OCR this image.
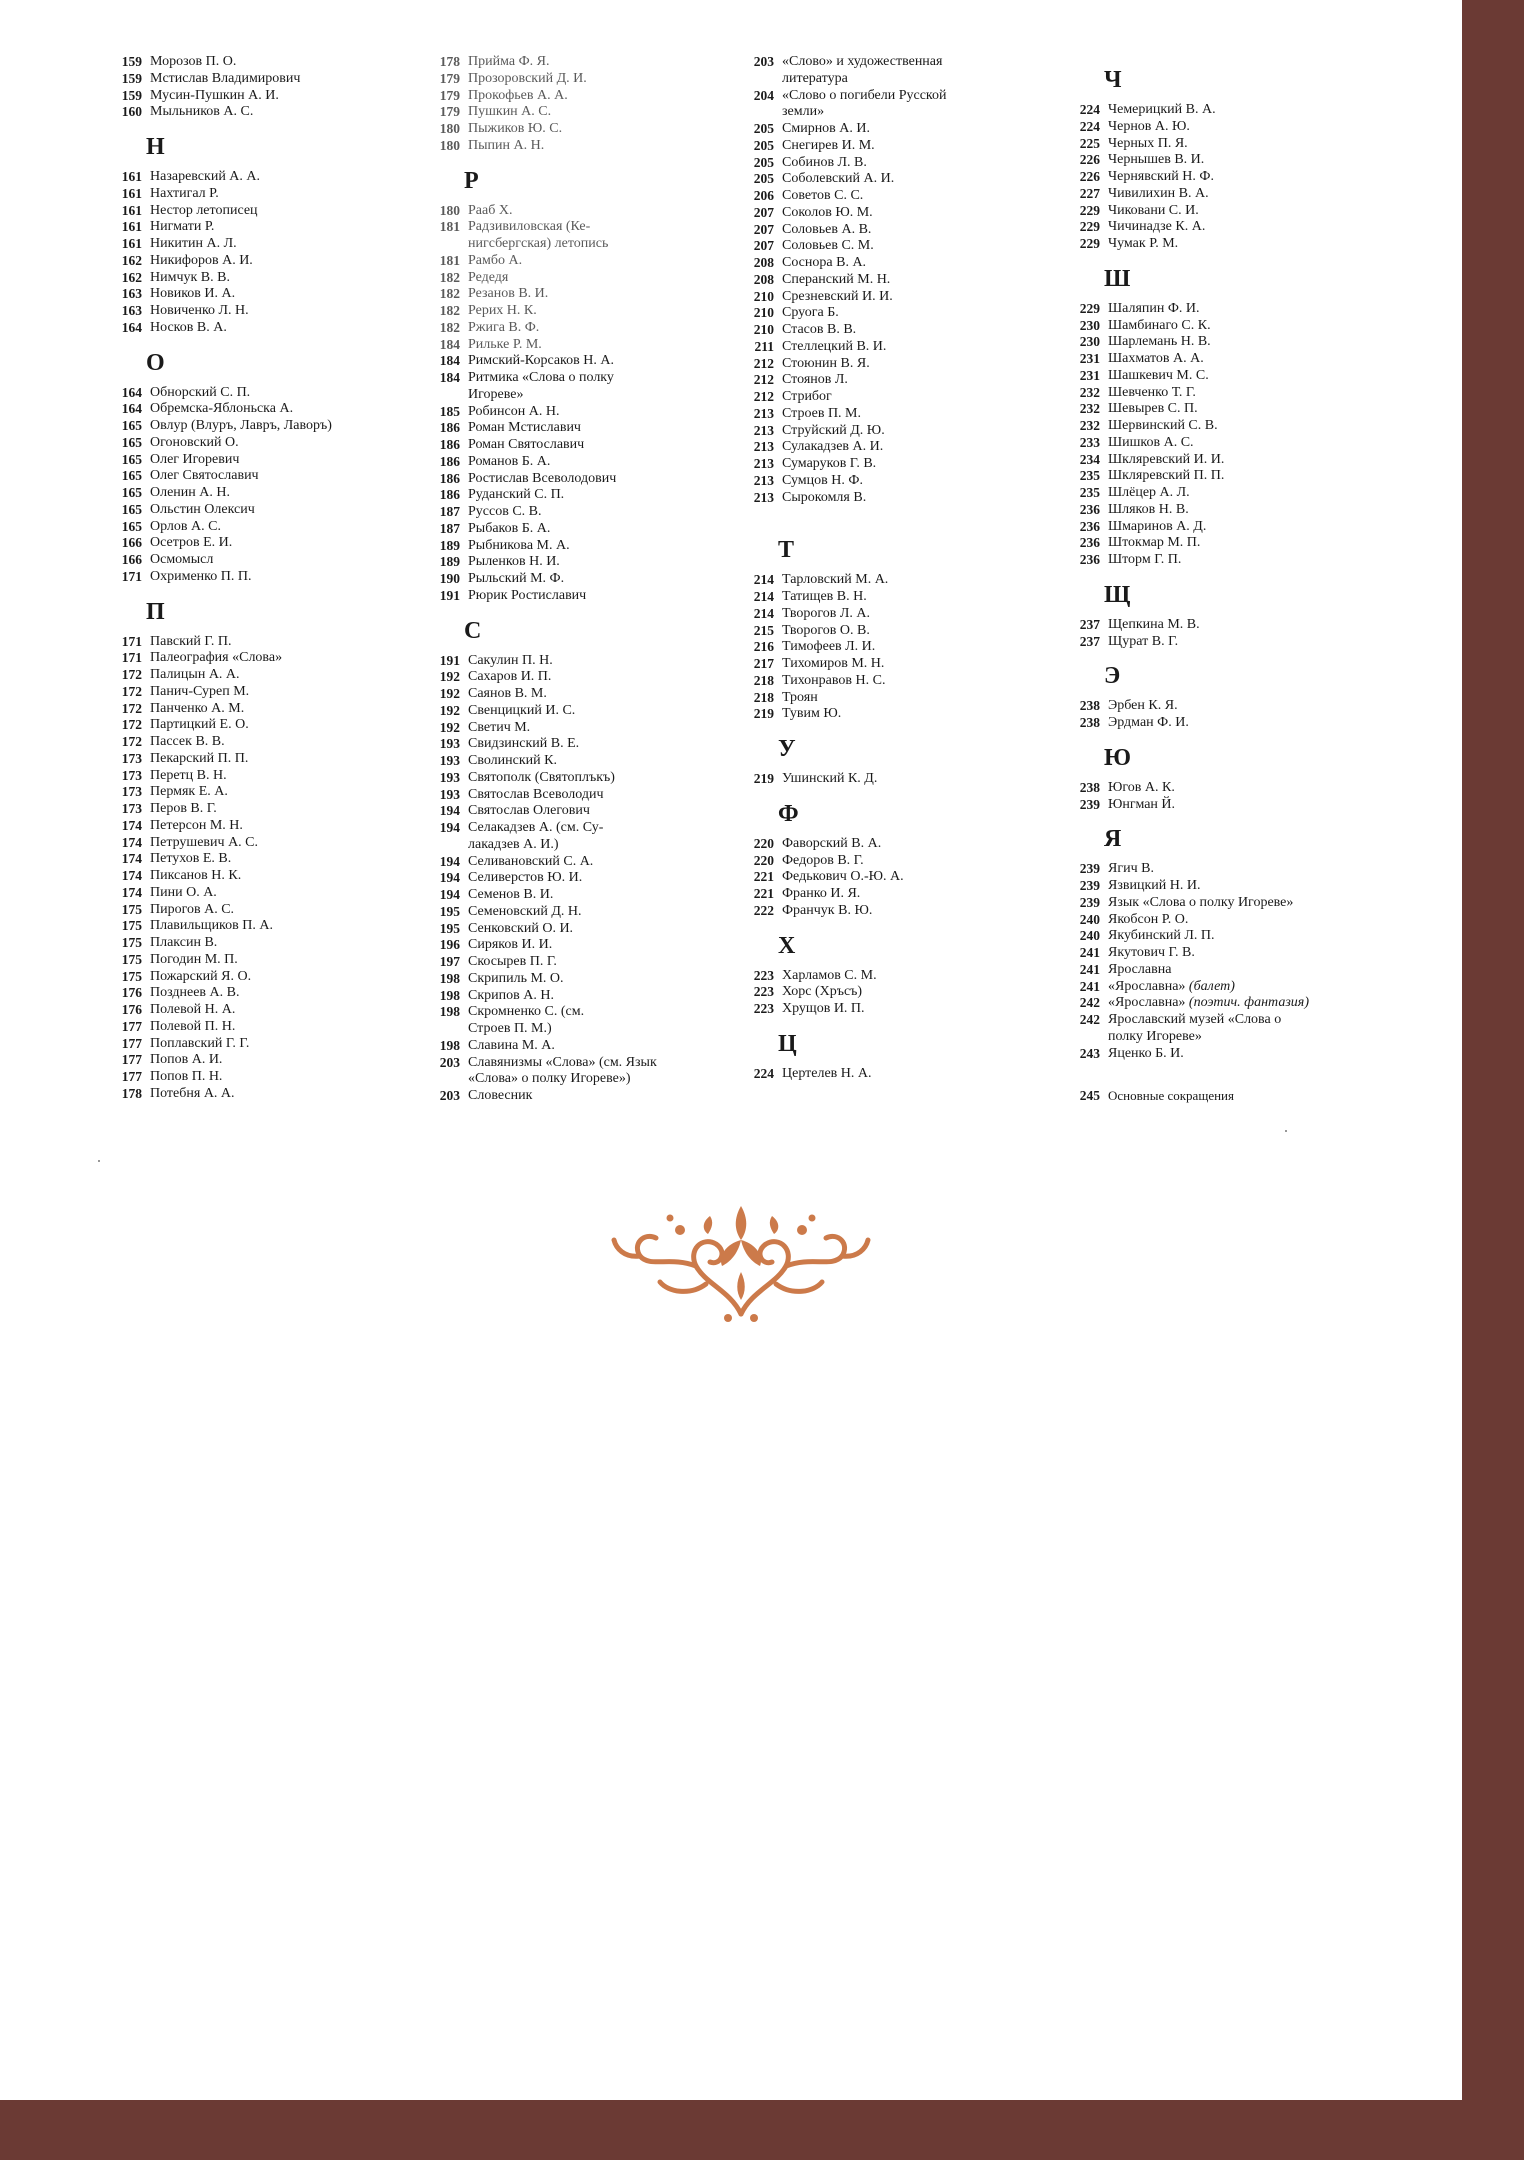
159 Морозов П. О.
159 Мстислав Владимирович
159 Мусин-Пушкин А. И.
160 Мыльников А. С.
Н
161 Назаревский А. А.
161 Нахтигал Р.
161 Нестор летописец
161 Нигмати Р.
161 Никитин А. Л.
162 Никифоров А. И.
162 Нимчук В. В.
163 Новиков И. А.
163 Новиченко Л. Н.
164 Носков В. А.
О
164 Обнорский С. П.
164 Обремска-Яблоньска А.
165 Овлур (Влуръ, Лавръ, Лаворъ)
165 Огоновский О.
165 Олег Игоревич
165 Олег Святославич
165 Оленин А. Н.
165 Ольстин Олексич
165 Орлов А. С.
166 Осетров Е. И.
166 Осмомысл
171 Охрименко П. П.
П
171 Павский Г. П.
171 Палеография «Слова»
172 Палицын А. А.
172 Панич-Суреп М.
172 Панченко А. М.
172 Партицкий Е. О.
172 Пассек В. В.
173 Пекарский П. П.
173 Перетц В. Н.
173 Пермяк Е. А.
173 Перов В. Г.
174 Петерсон М. Н.
174 Петрушевич А. С.
174 Петухов Е. В.
174 Пиксанов Н. К.
174 Пини О. А.
175 Пирогов А. С.
175 Плавильщиков П. А.
175 Плаксин В.
175 Погодин М. П.
175 Пожарский Я. О.
176 Позднеев А. В.
176 Полевой Н. А.
177 Полевой П. Н.
177 Поплавский Г. Г.
177 Попов А. И.
177 Попов П. Н.
178 Потебня А. А.
178 Прийма Ф. Я.
179 Прозоровский Д. И.
179 Прокофьев А. А.
179 Пушкин А. С.
180 Пыжиков Ю. С.
180 Пыпин А. Н.
Р
180 Рааб Х.
181 Радзивиловская (Ке-
нигсбергская) летопись
181 Рамбо А.
182 Редедя
182 Резанов В. И.
182 Рерих Н. К.
182 Ржига В. Ф.
184 Рильке Р. М.
184 Римский-Корсаков Н. А.
184 Ритмика «Слова о полку
Игореве»
185 Робинсон А. Н.
186 Роман Мстиславич
186 Роман Святославич
186 Романов Б. А.
186 Ростислав Всеволодович
186 Руданский С. П.
187 Руссов С. В.
187 Рыбаков Б. А.
189 Рыбникова М. А.
189 Рыленков Н. И.
190 Рыльский М. Ф.
191 Рюрик Ростиславич
С
191 Сакулин П. Н.
192 Сахаров И. П.
192 Саянов В. М.
192 Свенцицкий И. С.
192 Светич М.
193 Свидзинский В. Е.
193 Сволинский К.
193 Святополк (Святоплъкъ)
193 Святослав Всеволодич
194 Святослав Олегович
194 Селакадзев А. (см. Су-
лакадзев А. И.)
194 Селивановский С. А.
194 Селиверстов Ю. И.
194 Семенов В. И.
195 Семеновский Д. Н.
195 Сенковский О. И.
196 Сиряков И. И.
197 Скосырев П. Г.
198 Скрипиль М. О.
198 Скрипов А. Н.
198 Скромненко С. (см.
Строев П. М.)
198 Славина М. А.
203 Славянизмы «Слова» (см. Язык
«Слова» о полку Игореве»)
203 Словесник
203 «Слово» и художественная
литература
204 «Слово о погибели Русской
земли»
205 Смирнов А. И.
205 Снегирев И. М.
205 Собинов Л. В.
205 Соболевский А. И.
206 Советов С. С.
207 Соколов Ю. М.
207 Соловьев А. В.
207 Соловьев С. М.
208 Соснора В. А.
208 Сперанский М. Н.
210 Срезневский И. И.
210 Сруога Б.
210 Стасов В. В.
211 Стеллецкий В. И.
212 Стоюнин В. Я.
212 Стоянов Л.
212 Стрибог
213 Строев П. М.
213 Струйский Д. Ю.
213 Сулакадзев А. И.
213 Сумаруков Г. В.
213 Сумцов Н. Ф.
213 Сырокомля В.
Т
214 Тарловский М. А.
214 Татищев В. Н.
214 Творогов Л. А.
215 Творогов О. В.
216 Тимофеев Л. И.
217 Тихомиров М. Н.
218 Тихонравов Н. С.
218 Троян
219 Тувим Ю.
У
219 Ушинский К. Д.
Ф
220 Фаворский В. А.
220 Федоров В. Г.
221 Федькович О.-Ю. А.
221 Франко И. Я.
222 Франчук В. Ю.
Х
223 Харламов С. М.
223 Хорс (Хръсъ)
223 Хрущов И. П.
Ц
224 Цертелев Н. А.
Ч
224 Чемерицкий В. А.
224 Чернов А. Ю.
225 Черных П. Я.
226 Чернышев В. И.
226 Чернявский Н. Ф.
227 Чивилихин В. А.
229 Чиковани С. И.
229 Чичинадзе К. А.
229 Чумак Р. М.
Ш
229 Шаляпин Ф. И.
230 Шамбинаго С. К.
230 Шарлемань Н. В.
231 Шахматов А. А.
231 Шашкевич М. С.
232 Шевченко Т. Г.
232 Шевырев С. П.
232 Шервинский С. В.
233 Шишков А. С.
234 Шкляревский И. И.
235 Шкляревский П. П.
235 Шлёцер А. Л.
236 Шляков Н. В.
236 Шмаринов А. Д.
236 Штокмар М. П.
236 Шторм Г. П.
Щ
237 Щепкина М. В.
237 Щурат В. Г.
Э
238 Эрбен К. Я.
238 Эрдман Ф. И.
Ю
238 Югов А. К.
239 Юнгман Й.
Я
239 Ягич В.
239 Язвицкий Н. И.
239 Язык «Слова о полку Игореве»
240 Якобсон Р. О.
240 Якубинский Л. П.
241 Якутович Г. В.
241 Ярославна
241 «Ярославна» (балет)
242 «Ярославна» (поэтич. фантазия)
242 Ярославский музей «Слова о
полку Игореве»
243 Яценко Б. И.
245 Основные сокращения
